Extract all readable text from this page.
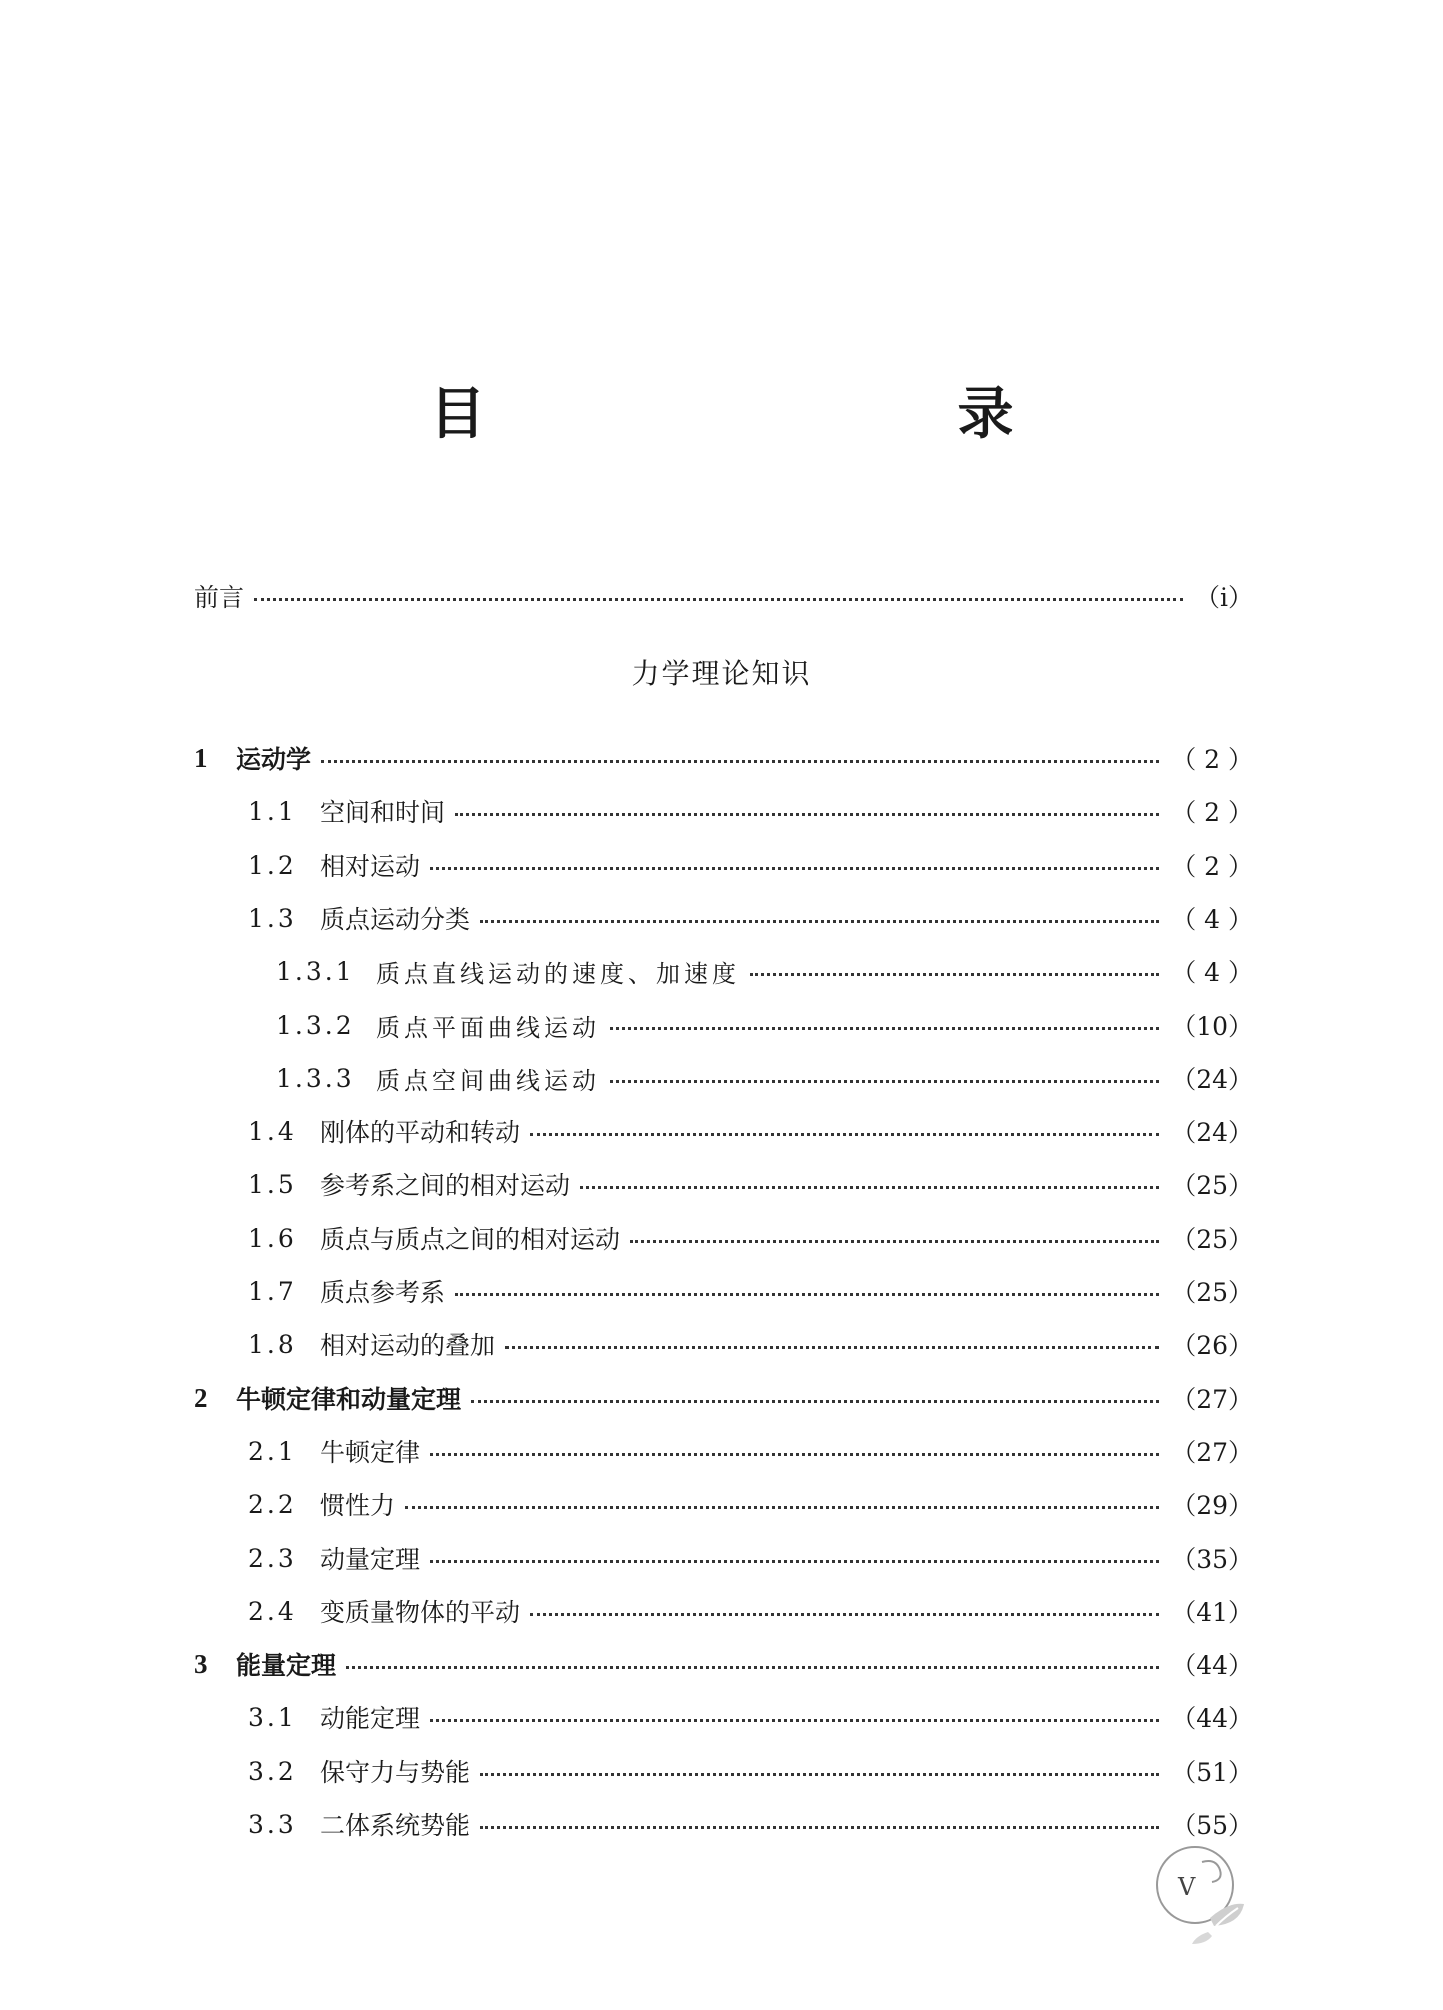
目　　录
前言	（ⅰ）
力学理论知识
1	运动学	（ 2 ）
1.1 空间和时间	（ 2 ）
1.2 相对运动	（ 2 ）
1.3 质点运动分类	（ 4 ）
1.3.1 质点直线运动的速度、加速度	（ 4 ）
1.3.2 质点平面曲线运动	（10）
1.3.3 质点空间曲线运动	（24）
1.4 刚体的平动和转动	（24）
1.5 参考系之间的相对运动	（25）
1.6 质点与质点之间的相对运动	（25）
1.7 质点参考系	（25）
1.8 相对运动的叠加	（26）
2	牛顿定律和动量定理	（27）
2.1 牛顿定律	（27）
2.2 惯性力	（29）
2.3 动量定理	（35）
2.4 变质量物体的平动	（41）
3	能量定理	（44）
3.1 动能定理	（44）
3.2 保守力与势能	（51）
3.3 二体系统势能	（55）
V
